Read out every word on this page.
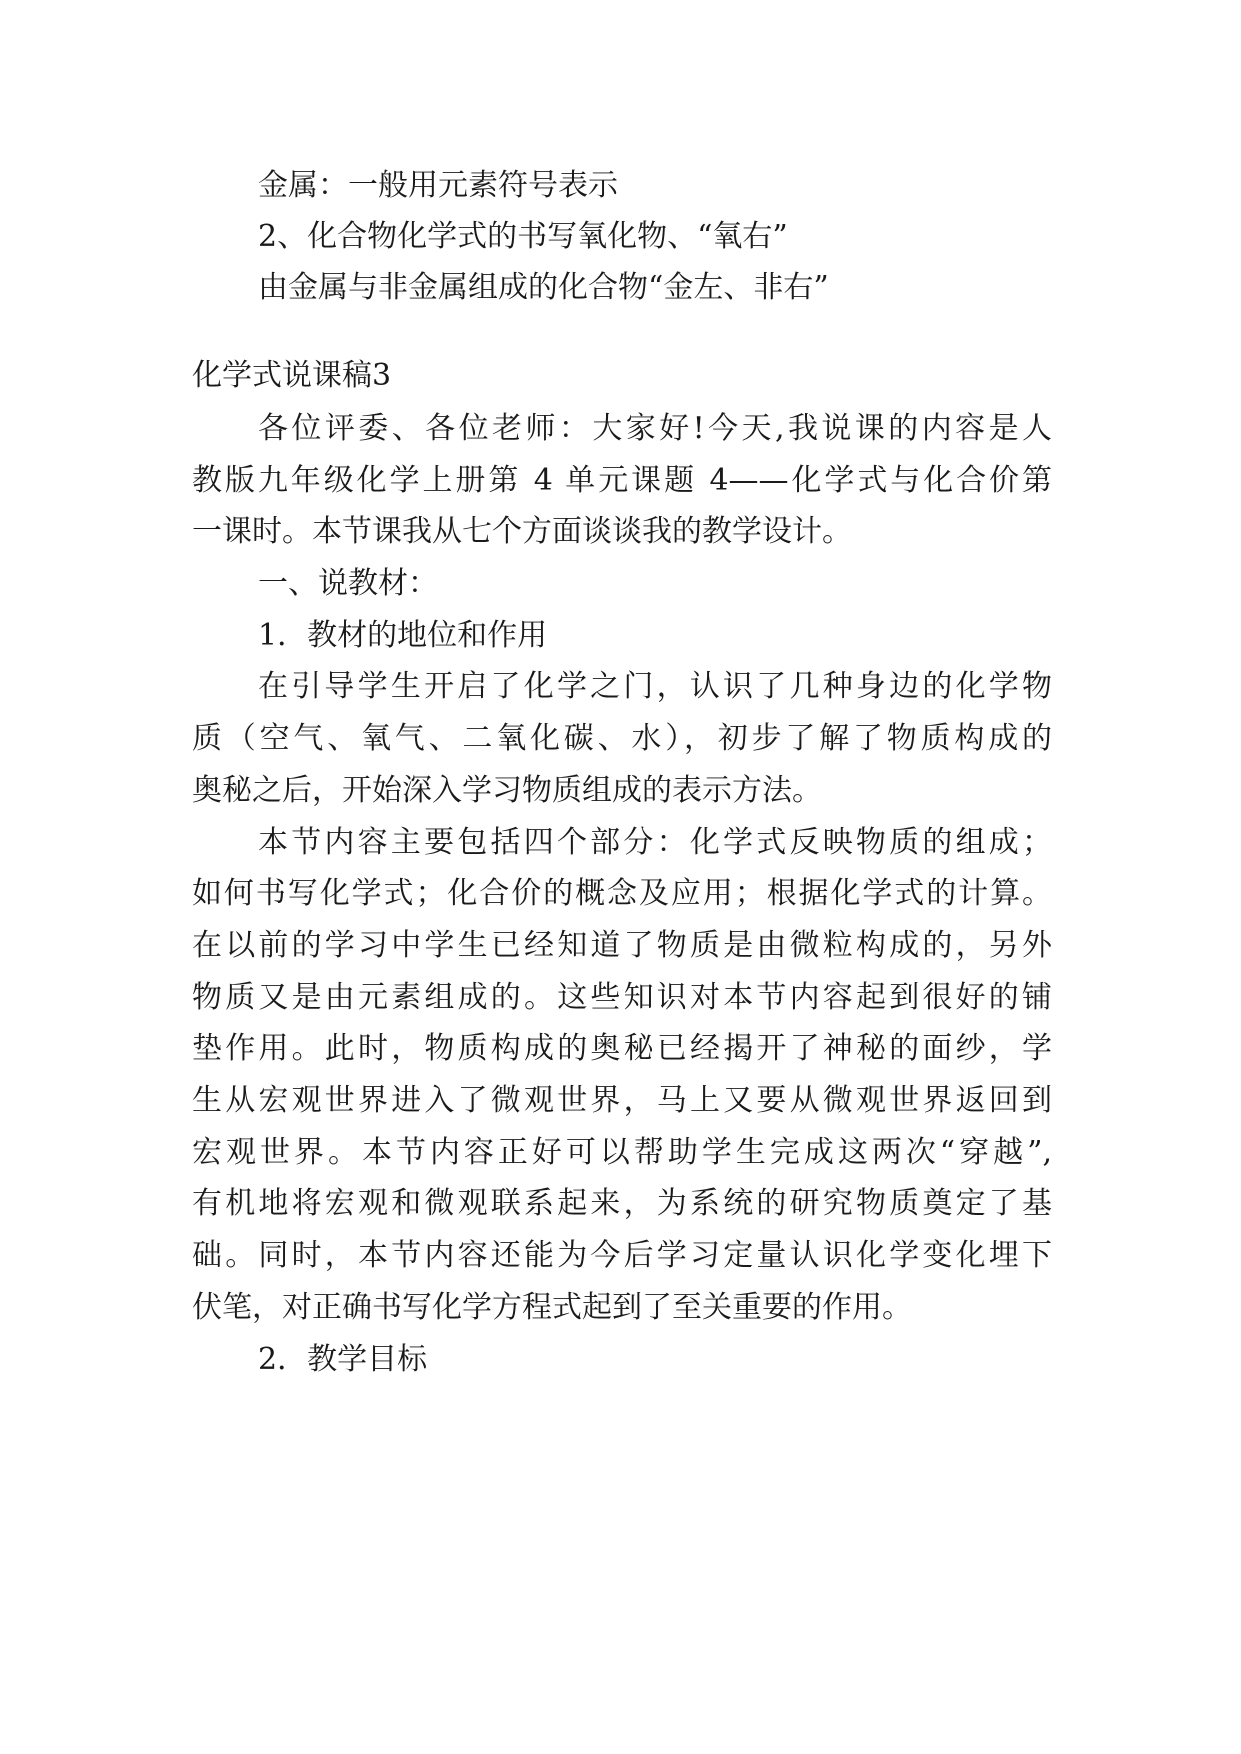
金属：一般用元素符号表示
2、化合物化学式的书写氧化物、“氧右”
由金属与非金属组成的化合物“金左、非右”
化学式说课稿3
各位评委、各位老师：大家好!今天,我说课的内容是人
教版九年级化学上册第 4 单元课题 4——化学式与化合价第
一课时。本节课我从七个方面谈谈我的教学设计。
一、说教材：
1．教材的地位和作用
在引导学生开启了化学之门，认识了几种身边的化学物
质（空气、氧气、二氧化碳、水），初步了解了物质构成的
奥秘之后，开始深入学习物质组成的表示方法。
本节内容主要包括四个部分：化学式反映物质的组成；
如何书写化学式；化合价的概念及应用；根据化学式的计算。
在以前的学习中学生已经知道了物质是由微粒构成的，另外
物质又是由元素组成的。这些知识对本节内容起到很好的铺
垫作用。此时，物质构成的奥秘已经揭开了神秘的面纱，学
生从宏观世界进入了微观世界，马上又要从微观世界返回到
宏观世界。本节内容正好可以帮助学生完成这两次“穿越”,
有机地将宏观和微观联系起来，为系统的研究物质奠定了基
础。同时，本节内容还能为今后学习定量认识化学变化埋下
伏笔，对正确书写化学方程式起到了至关重要的作用。
2．教学目标
